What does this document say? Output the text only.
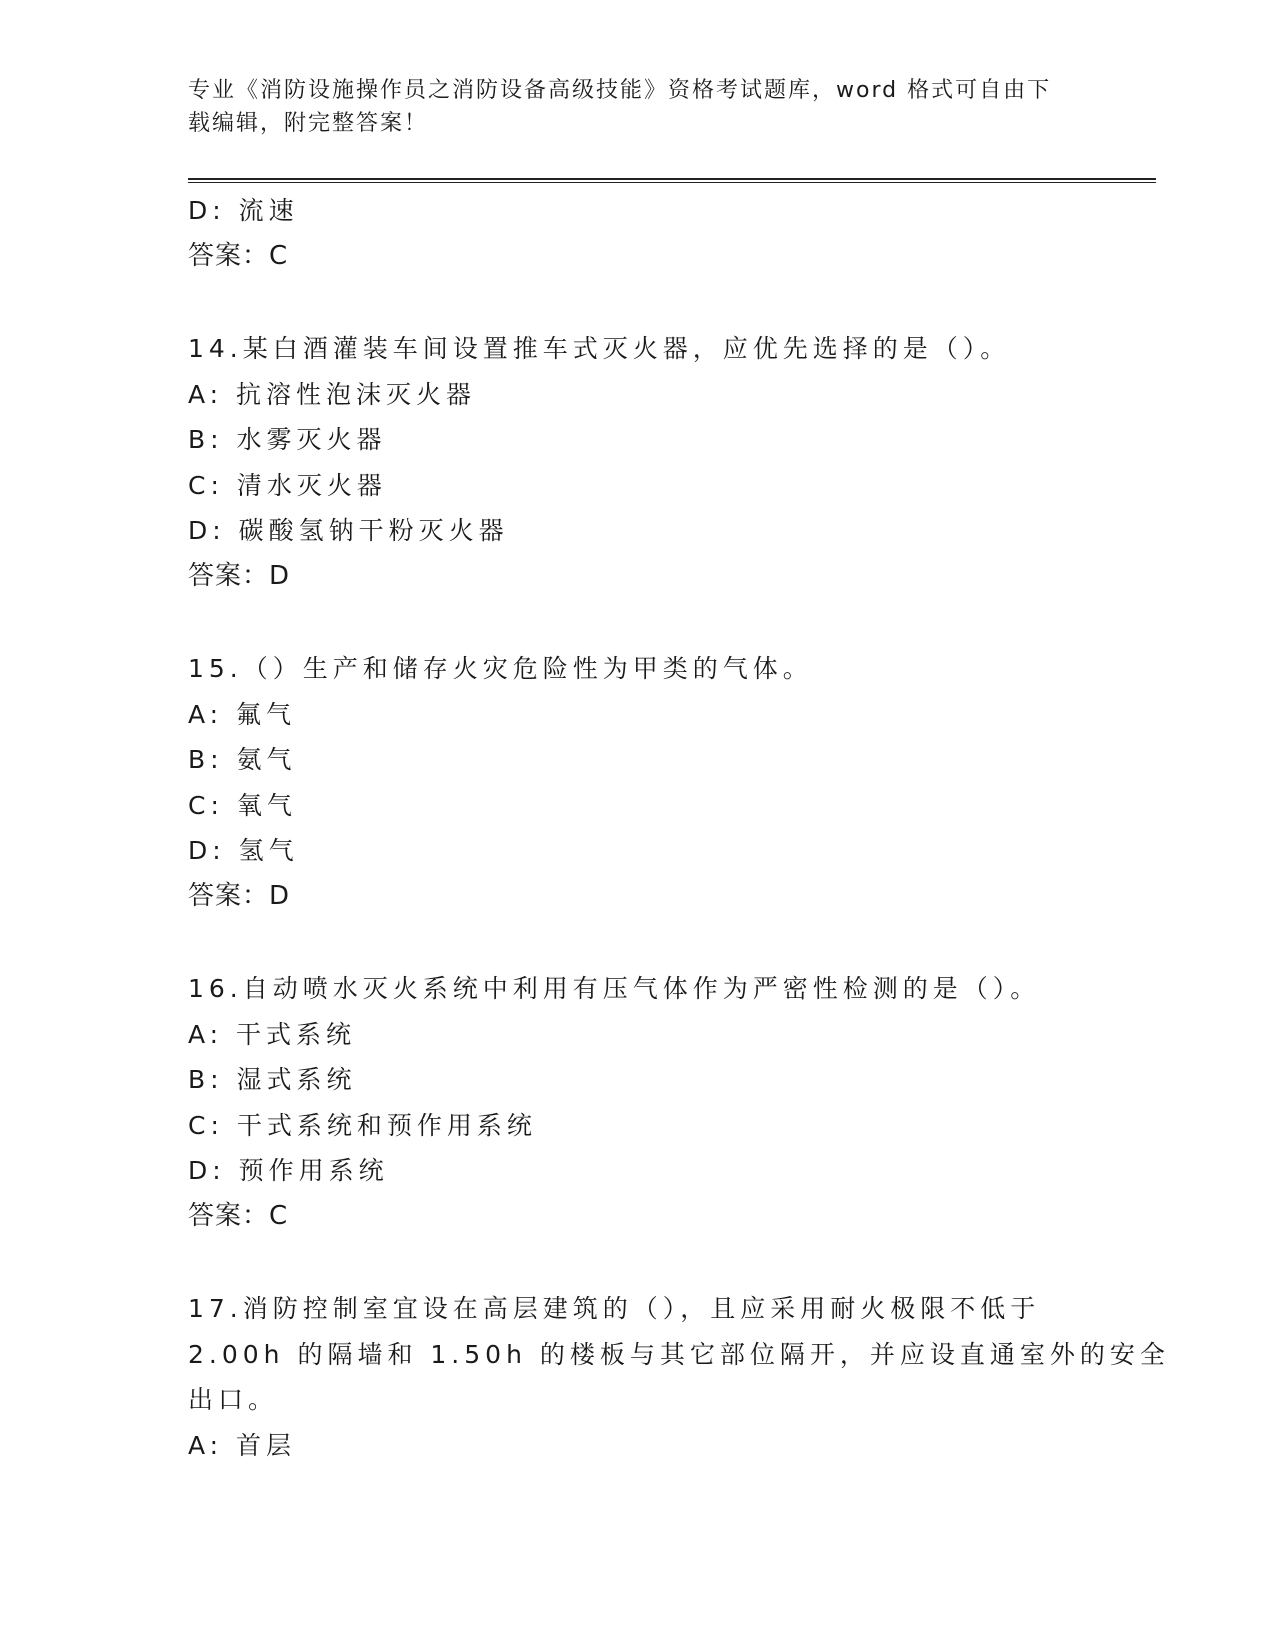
专业《消防设施操作员之消防设备高级技能》资格考试题库，word 格式可自由下
载编辑，附完整答案！
D: 流速
答案：C
14.某白酒灌装车间设置推车式灭火器，应优先选择的是（）。
A: 抗溶性泡沫灭火器
B: 水雾灭火器
C: 清水灭火器
D: 碳酸氢钠干粉灭火器
答案：D
15.（）生产和储存火灾危险性为甲类的气体。
A: 氟气
B: 氨气
C: 氧气
D: 氢气
答案：D
16.自动喷水灭火系统中利用有压气体作为严密性检测的是（）。
A: 干式系统
B: 湿式系统
C: 干式系统和预作用系统
D: 预作用系统
答案：C
17.消防控制室宜设在高层建筑的（），且应采用耐火极限不低于
2.00h 的隔墙和 1.50h 的楼板与其它部位隔开，并应设直通室外的安全
出口。
A: 首层
